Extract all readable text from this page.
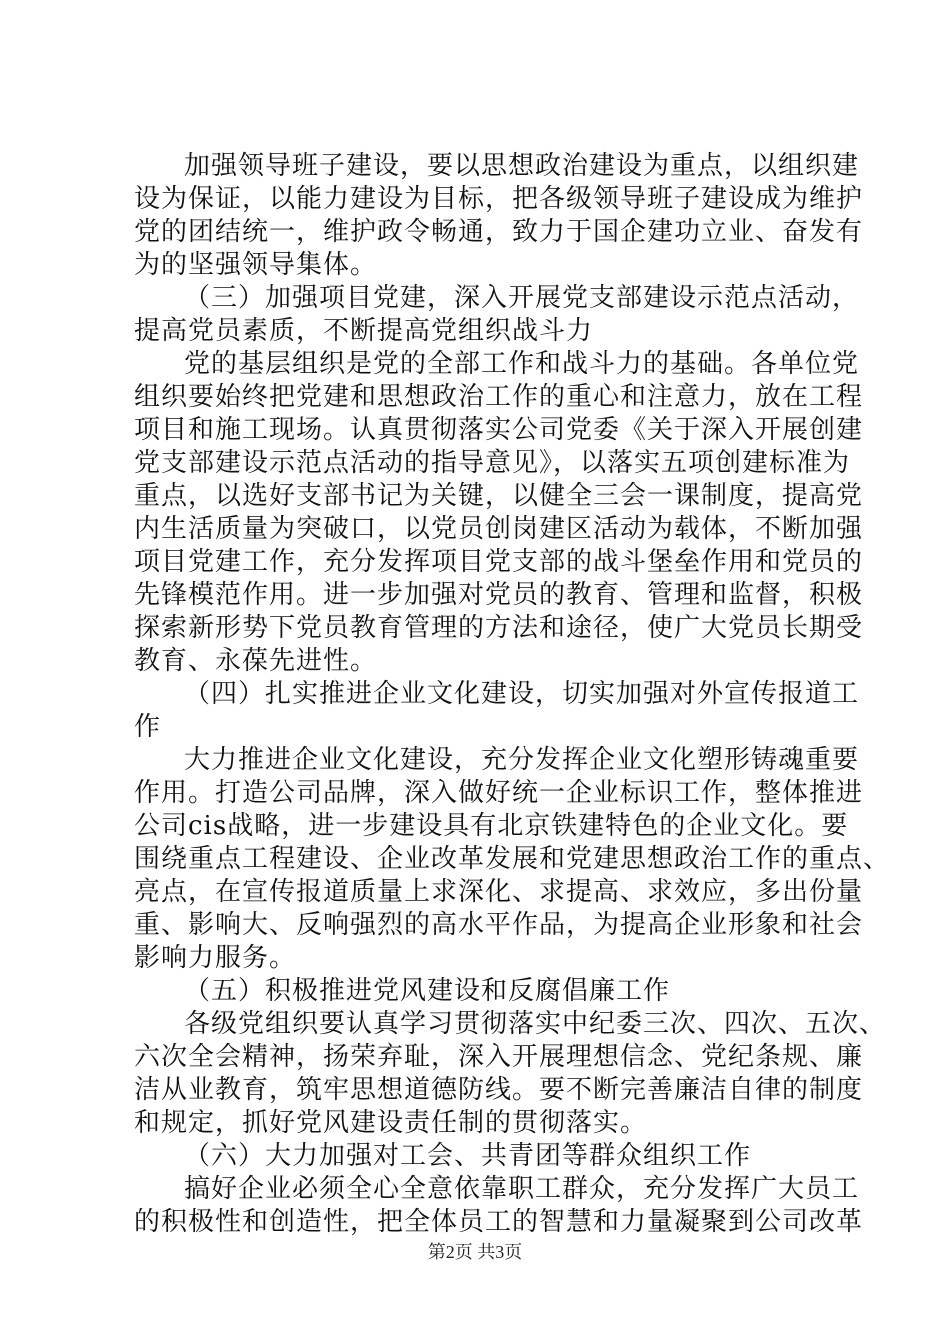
加强领导班子建设，要以思想政治建设为重点，以组织建
设为保证，以能力建设为目标，把各级领导班子建设成为维护
党的团结统一，维护政令畅通，致力于国企建功立业、奋发有
为的坚强领导集体。
（三）加强项目党建，深入开展党支部建设示范点活动，
提高党员素质，不断提高党组织战斗力
党的基层组织是党的全部工作和战斗力的基础。各单位党
组织要始终把党建和思想政治工作的重心和注意力，放在工程
项目和施工现场。认真贯彻落实公司党委《关于深入开展创建
党支部建设示范点活动的指导意见》，以落实五项创建标准为
重点，以选好支部书记为关键，以健全三会一课制度，提高党
内生活质量为突破口，以党员创岗建区活动为载体，不断加强
项目党建工作，充分发挥项目党支部的战斗堡垒作用和党员的
先锋模范作用。进一步加强对党员的教育、管理和监督，积极
探索新形势下党员教育管理的方法和途径，使广大党员长期受
教育、永葆先进性。
（四）扎实推进企业文化建设，切实加强对外宣传报道工
作
大力推进企业文化建设，充分发挥企业文化塑形铸魂重要
作用。打造公司品牌，深入做好统一企业标识工作，整体推进
公司cis战略，进一步建设具有北京铁建特色的企业文化。要
围绕重点工程建设、企业改革发展和党建思想政治工作的重点、
亮点，在宣传报道质量上求深化、求提高、求效应，多出份量
重、影响大、反响强烈的高水平作品，为提高企业形象和社会
影响力服务。
（五）积极推进党风建设和反腐倡廉工作
各级党组织要认真学习贯彻落实中纪委三次、四次、五次、
六次全会精神，扬荣弃耻，深入开展理想信念、党纪条规、廉
洁从业教育，筑牢思想道德防线。要不断完善廉洁自律的制度
和规定，抓好党风建设责任制的贯彻落实。
（六）大力加强对工会、共青团等群众组织工作
搞好企业必须全心全意依靠职工群众，充分发挥广大员工
的积极性和创造性，把全体员工的智慧和力量凝聚到公司改革
第2页 共3页
